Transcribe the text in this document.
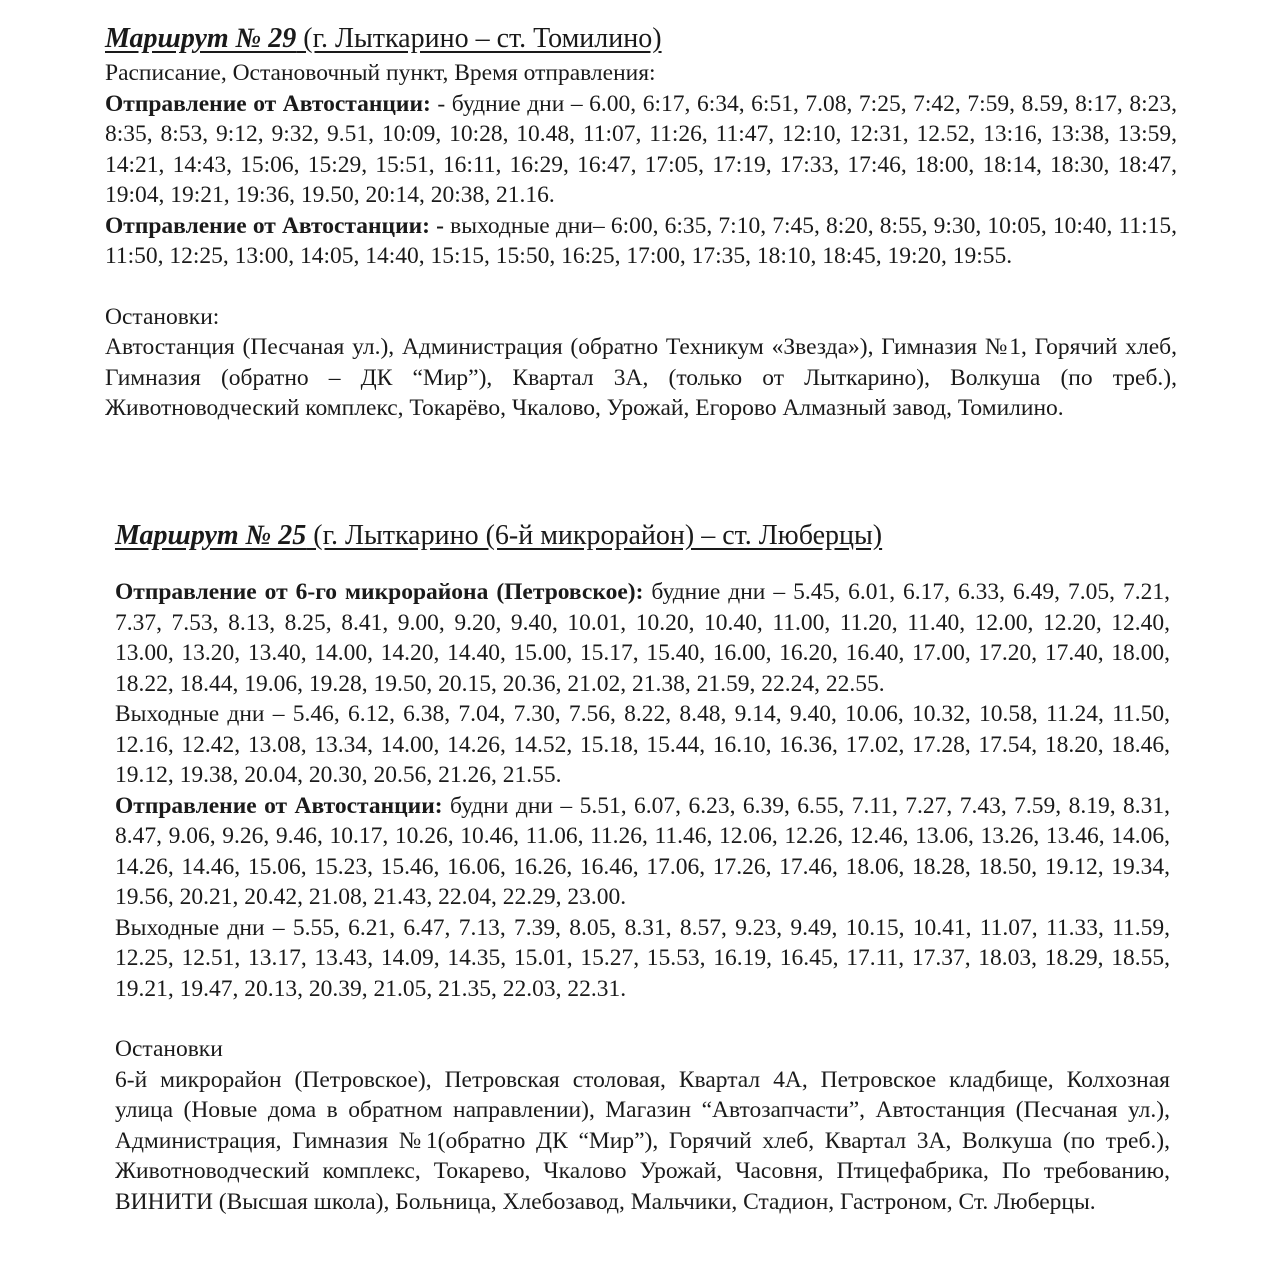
Маршрут № 29 (г. Лыткарино – ст. Томилино)

Расписание, Остановочный пункт, Время отправления:

Отправление от Автостанции: - будние дни – 6.00, 6:17, 6:34, 6:51, 7.08, 7:25, 7:42, 7:59, 8.59, 8:17, 8:23, 8:35, 8:53, 9:12, 9:32, 9.51, 10:09, 10:28, 10.48, 11:07, 11:26, 11:47, 12:10, 12:31, 12.52, 13:16, 13:38, 13:59, 14:21, 14:43, 15:06, 15:29, 15:51, 16:11, 16:29, 16:47, 17:05, 17:19, 17:33, 17:46, 18:00, 18:14, 18:30, 18:47, 19:04, 19:21, 19:36, 19.50, 20:14, 20:38, 21.16.

Отправление от Автостанции: - выходные дни– 6:00, 6:35, 7:10, 7:45, 8:20, 8:55, 9:30, 10:05, 10:40, 11:15, 11:50, 12:25, 13:00, 14:05, 14:40, 15:15, 15:50, 16:25, 17:00, 17:35, 18:10, 18:45, 19:20, 19:55.

Остановки:

Автостанция (Песчаная ул.), Администрация (обратно Техникум «Звезда»), Гимназия №1, Горячий хлеб, Гимназия (обратно – ДК “Мир”), Квартал 3А, (только от Лыткарино), Волкуша (по треб.), Животноводческий комплекс, Токарёво, Чкалово, Урожай, Егорово Алмазный завод, Томилино.

Маршрут № 25 (г. Лыткарино (6-й микрорайон) – ст. Люберцы)

Отправление от 6-го микрорайона (Петровское): будние дни – 5.45, 6.01, 6.17, 6.33, 6.49, 7.05, 7.21, 7.37, 7.53, 8.13, 8.25, 8.41, 9.00, 9.20, 9.40, 10.01, 10.20, 10.40, 11.00, 11.20, 11.40, 12.00, 12.20, 12.40, 13.00, 13.20, 13.40, 14.00, 14.20, 14.40, 15.00, 15.17, 15.40, 16.00, 16.20, 16.40, 17.00, 17.20, 17.40, 18.00, 18.22, 18.44, 19.06, 19.28, 19.50, 20.15, 20.36, 21.02, 21.38, 21.59, 22.24, 22.55.

Выходные дни – 5.46, 6.12, 6.38, 7.04, 7.30, 7.56, 8.22, 8.48, 9.14, 9.40, 10.06, 10.32, 10.58, 11.24, 11.50, 12.16, 12.42, 13.08, 13.34, 14.00, 14.26, 14.52, 15.18, 15.44, 16.10, 16.36, 17.02, 17.28, 17.54, 18.20, 18.46, 19.12, 19.38, 20.04, 20.30, 20.56, 21.26, 21.55.

Отправление от Автостанции: будни дни – 5.51, 6.07, 6.23, 6.39, 6.55, 7.11, 7.27, 7.43, 7.59, 8.19, 8.31, 8.47, 9.06, 9.26, 9.46, 10.17, 10.26, 10.46, 11.06, 11.26, 11.46, 12.06, 12.26, 12.46, 13.06, 13.26, 13.46, 14.06, 14.26, 14.46, 15.06, 15.23, 15.46, 16.06, 16.26, 16.46, 17.06, 17.26, 17.46, 18.06, 18.28, 18.50, 19.12, 19.34, 19.56, 20.21, 20.42, 21.08, 21.43, 22.04, 22.29, 23.00.

Выходные дни – 5.55, 6.21, 6.47, 7.13, 7.39, 8.05, 8.31, 8.57, 9.23, 9.49, 10.15, 10.41, 11.07, 11.33, 11.59, 12.25, 12.51, 13.17, 13.43, 14.09, 14.35, 15.01, 15.27, 15.53, 16.19, 16.45, 17.11, 17.37, 18.03, 18.29, 18.55, 19.21, 19.47, 20.13, 20.39, 21.05, 21.35, 22.03, 22.31.

Остановки

6-й микрорайон (Петровское), Петровская столовая, Квартал 4А, Петровское кладбище, Колхозная улица (Новые дома в обратном направлении), Магазин “Автозапчасти”, Автостанция (Песчаная ул.), Администрация, Гимназия №1(обратно ДК “Мир”), Горячий хлеб, Квартал 3А, Волкуша (по треб.), Животноводческий комплекс, Токарево, Чкалово Урожай, Часовня, Птицефабрика, По требованию, ВИНИТИ (Высшая школа), Больница, Хлебозавод, Мальчики, Стадион, Гастроном, Ст. Люберцы.
